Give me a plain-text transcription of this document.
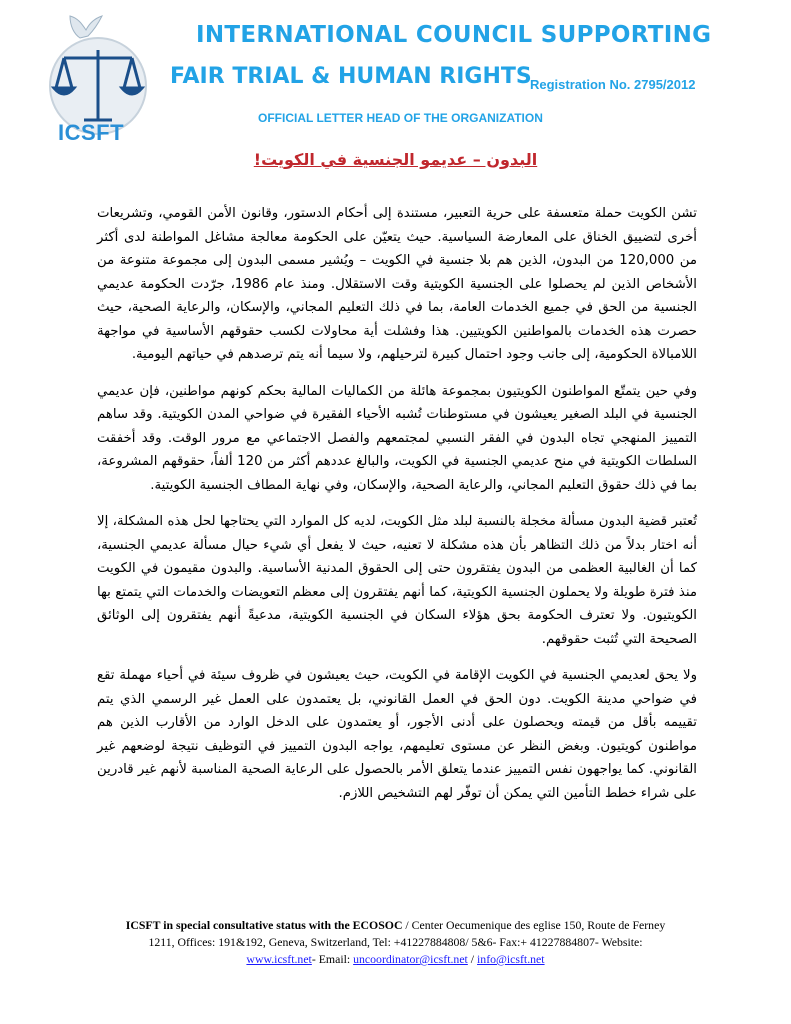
ICSFT
INTERNATIONAL COUNCIL SUPPORTING
FAIR TRIAL & HUMAN RIGHTS
Registration No. 2795/2012
OFFICIAL LETTER HEAD OF THE ORGANIZATION
البدون – عديمو الجنسية في الكويت!

تشن الكويت حملة متعسفة على حرية التعبير، مستندة إلى أحكام الدستور، وقانون الأمن القومي، وتشريعات أخرى لتضييق الخناق على المعارضة السياسية. حيث يتعيّن على الحكومة معالجة مشاغل المواطنة لدى أكثر من 120,000 من البدون، الذين هم بلا جنسية في الكويت – ويُشير مسمى البدون إلى مجموعة متنوعة من الأشخاص الذين لم يحصلوا على الجنسية الكويتية وقت الاستقلال. ومنذ عام 1986، جرّدت الحكومة عديمي الجنسية من الحق في جميع الخدمات العامة، بما في ذلك التعليم المجاني، والإسكان، والرعاية الصحية، حيث حصرت هذه الخدمات بالمواطنين الكويتيين. هذا وفشلت أية محاولات لكسب حقوقهم الأساسية في مواجهة اللامبالاة الحكومية، إلى جانب وجود احتمال كبيرة لترحيلهم، ولا سيما أنه يتم ترصدهم في حياتهم اليومية.

وفي حين يتمتّع المواطنون الكويتيون بمجموعة هائلة من الكماليات المالية بحكم كونهم مواطنين، فإن عديمي الجنسية في البلد الصغير يعيشون في مستوطنات تُشبه الأحياء الفقيرة في ضواحي المدن الكويتية. وقد ساهم التمييز المنهجي تجاه البدون في الفقر النسبي لمجتمعهم والفصل الاجتماعي مع مرور الوقت. وقد أخفقت السلطات الكويتية في منح عديمي الجنسية في الكويت، والبالغ عددهم أكثر من 120 ألفاً، حقوقهم المشروعة، بما في ذلك حقوق التعليم المجاني، والرعاية الصحية، والإسكان، وفي نهاية المطاف الجنسية الكويتية.

تُعتبر قضية البدون مسألة مخجلة بالنسبة لبلد مثل الكويت، لديه كل الموارد التي يحتاجها لحل هذه المشكلة، إلا أنه اختار بدلاً من ذلك التظاهر بأن هذه مشكلة لا تعنيه، حيث لا يفعل أي شيء حيال مسألة عديمي الجنسية، كما أن الغالبية العظمى من البدون يفتقرون حتى إلى الحقوق المدنية الأساسية. والبدون مقيمون في الكويت منذ فترة طويلة ولا يحملون الجنسية الكويتية، كما أنهم يفتقرون إلى معظم التعويضات والخدمات التي يتمتع بها الكويتيون. ولا تعترف الحكومة بحق هؤلاء السكان في الجنسية الكويتية، مدعيةً أنهم يفتقرون إلى الوثائق الصحيحة التي تُثبت حقوقهم.

ولا يحق لعديمي الجنسية في الكويت الإقامة في الكويت، حيث يعيشون في ظروف سيئة في أحياء مهملة تقع في ضواحي مدينة الكويت. دون الحق في العمل القانوني، بل يعتمدون على العمل غير الرسمي الذي يتم تقييمه بأقل من قيمته ويحصلون على أدنى الأجور، أو يعتمدون على الدخل الوارد من الأقارب الذين هم مواطنون كويتيون. وبغض النظر عن مستوى تعليمهم، يواجه البدون التمييز في التوظيف نتيجة لوضعهم غير القانوني. كما يواجهون نفس التمييز عندما يتعلق الأمر بالحصول على الرعاية الصحية المناسبة لأنهم غير قادرين على شراء خطط التأمين التي يمكن أن توفّر لهم التشخيص اللازم.

ICSFT in special consultative status with the ECOSOC / Center Oecumenique des eglise 150, Route de Ferney
1211, Offices: 191&192, Geneva, Switzerland, Tel: +41227884808/ 5&6- Fax:+ 41227884807- Website:
www.icsft.net- Email: uncoordinator@icsft.net / info@icsft.net
